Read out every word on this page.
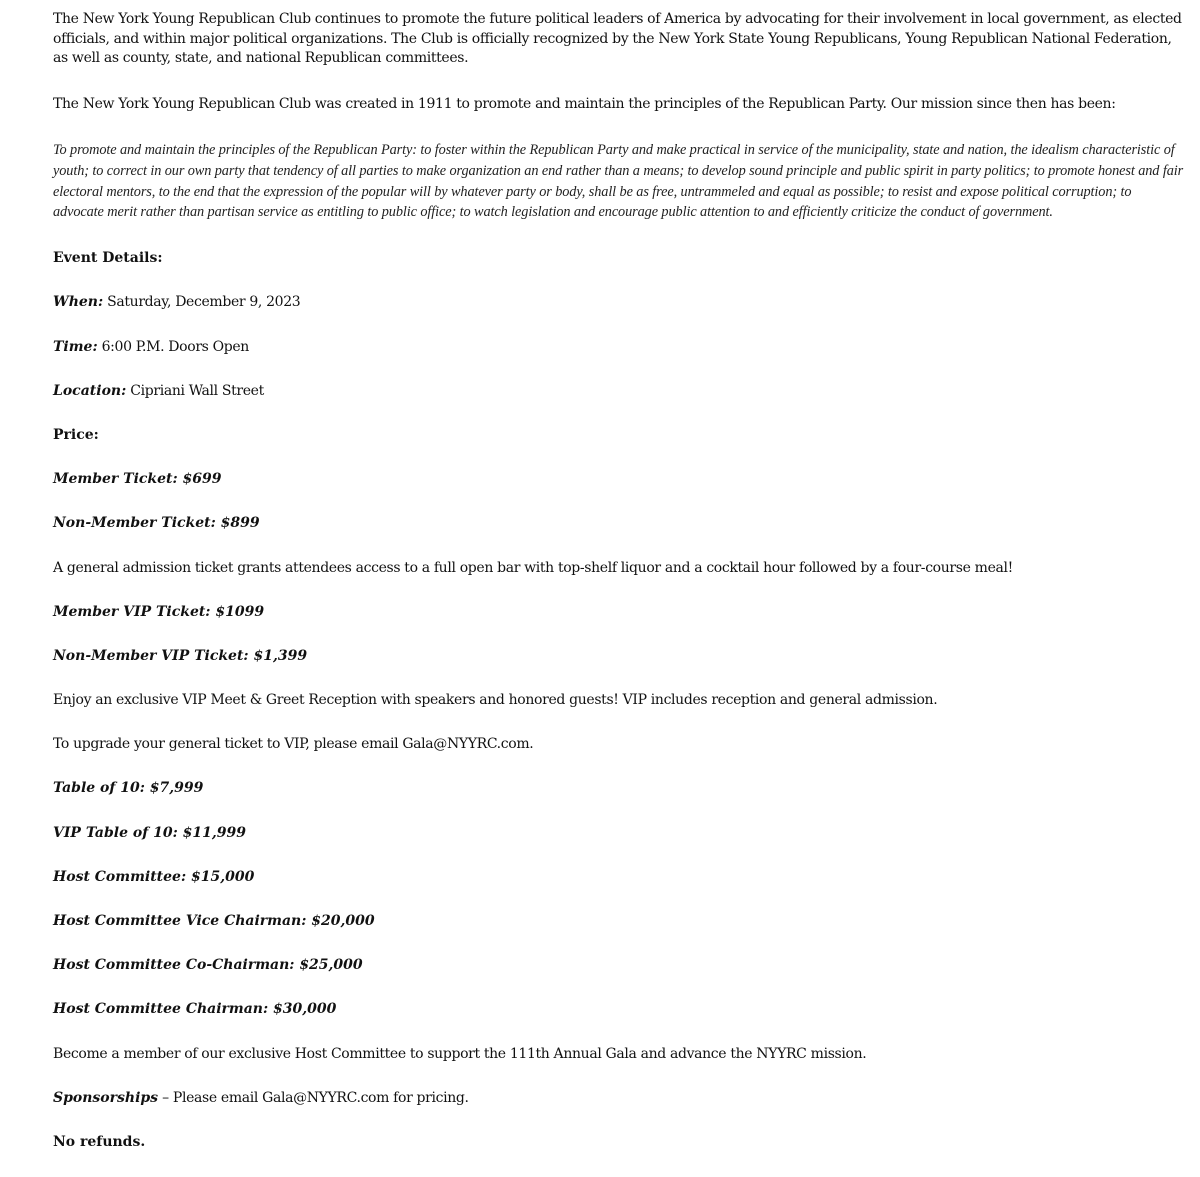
The New York Young Republican Club continues to promote the future political leaders of America by advocating for their involvement in local government, as elected officials, and within major political organizations. The Club is officially recognized by the New York State Young Republicans, Young Republican National Federation, as well as county, state, and national Republican committees.

The New York Young Republican Club was created in 1911 to promote and maintain the principles of the Republican Party. Our mission since then has been:

To promote and maintain the principles of the Republican Party: to foster within the Republican Party and make practical in service of the municipality, state and nation, the idealism characteristic of youth; to correct in our own party that tendency of all parties to make organization an end rather than a means; to develop sound principle and public spirit in party politics; to promote honest and fair electoral mentors, to the end that the expression of the popular will by whatever party or body, shall be as free, untrammeled and equal as possible; to resist and expose political corruption; to advocate merit rather than partisan service as entitling to public office; to watch legislation and encourage public attention to and efficiently criticize the conduct of government.

Event Details:
When: Saturday, December 9, 2023
Time: 6:00 P.M. Doors Open
Location: Cipriani Wall Street
Price:
Member Ticket: $699
Non-Member Ticket: $899
A general admission ticket grants attendees access to a full open bar with top-shelf liquor and a cocktail hour followed by a four-course meal!
Member VIP Ticket: $1099
Non-Member VIP Ticket: $1,399
Enjoy an exclusive VIP Meet & Greet Reception with speakers and honored guests! VIP includes reception and general admission.
To upgrade your general ticket to VIP, please email Gala@NYYRC.com.
Table of 10: $7,999
VIP Table of 10: $11,999
Host Committee: $15,000
Host Committee Vice Chairman: $20,000
Host Committee Co-Chairman: $25,000
Host Committee Chairman: $30,000
Become a member of our exclusive Host Committee to support the 111th Annual Gala and advance the NYYRC mission.
Sponsorships – Please email Gala@NYYRC.com for pricing.
No refunds.
